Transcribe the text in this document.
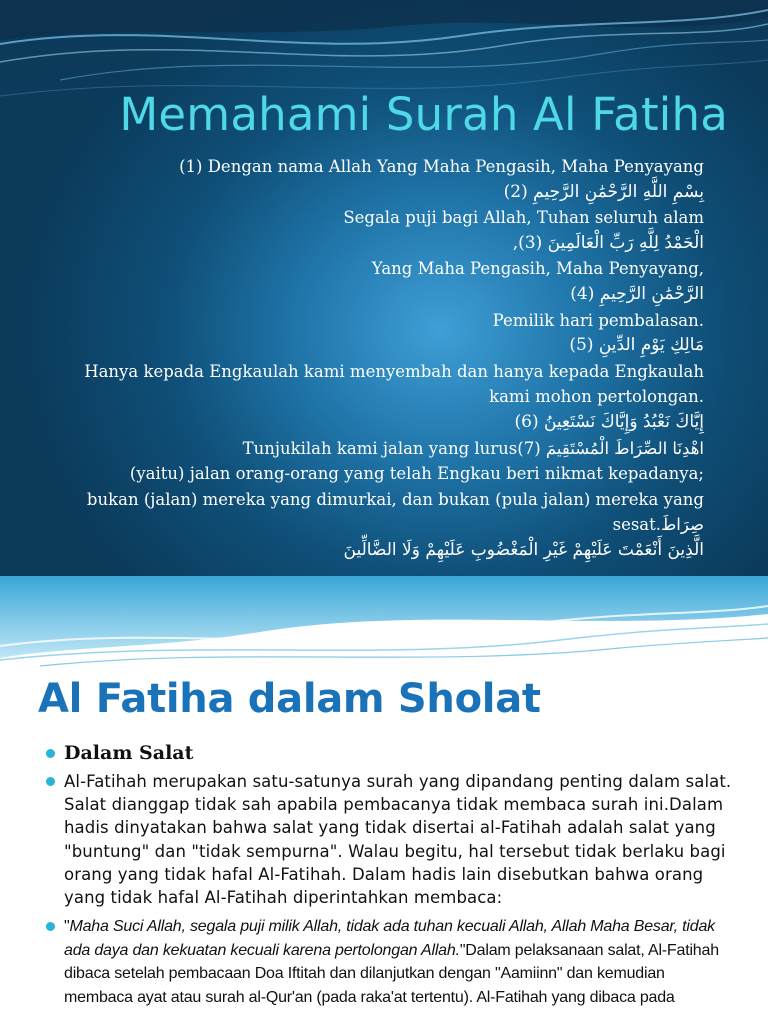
Memahami Surah Al Fatiha
(1) Dengan nama Allah Yang Maha Pengasih, Maha Penyayang
بِسْمِ اللَّهِ الرَّحْمَٰنِ الرَّحِيمِ (2)
Segala puji bagi Allah, Tuhan seluruh alam
الْحَمْدُ لِلَّهِ رَبِّ الْعَالَمِينَ (3),
Yang Maha Pengasih, Maha Penyayang,
الرَّحْمَٰنِ الرَّحِيمِ (4)
Pemilik hari pembalasan.
مَالِكِ يَوْمِ الدِّينِ (5)
Hanya kepada Engkaulah kami menyembah dan hanya kepada Engkaulah kami mohon pertolongan.
إِيَّاكَ نَعْبُدُ وَإِيَّاكَ نَسْتَعِينُ (6)
Tunjukilah kami jalan yang lurus(7) اهْدِنَا الصِّرَاطَ الْمُسْتَقِيمَ
(yaitu) jalan orang-orang yang telah Engkau beri nikmat kepadanya; bukan (jalan) mereka yang dimurkai, dan bukan (pula jalan) mereka yang sesat.صِرَاطَ
الَّذِينَ أَنْعَمْتَ عَلَيْهِمْ غَيْرِ الْمَغْضُوبِ عَلَيْهِمْ وَلَا الضَّالِّينَ
Al Fatiha dalam Sholat
Dalam Salat
Al-Fatihah merupakan satu-satunya surah yang dipandang penting dalam salat. Salat dianggap tidak sah apabila pembacanya tidak membaca surah ini.Dalam hadis dinyatakan bahwa salat yang tidak disertai al-Fatihah adalah salat yang "buntung" dan "tidak sempurna". Walau begitu, hal tersebut tidak berlaku bagi orang yang tidak hafal Al-Fatihah. Dalam hadis lain disebutkan bahwa orang yang tidak hafal Al-Fatihah diperintahkan membaca:
"Maha Suci Allah, segala puji milik Allah, tidak ada tuhan kecuali Allah, Allah Maha Besar, tidak ada daya dan kekuatan kecuali karena pertolongan Allah."Dalam pelaksanaan salat, Al-Fatihah dibaca setelah pembacaan Doa Iftitah dan dilanjutkan dengan "Aamiinn" dan kemudian membaca ayat atau surah al-Qur'an (pada raka'at tertentu). Al-Fatihah yang dibaca pada
